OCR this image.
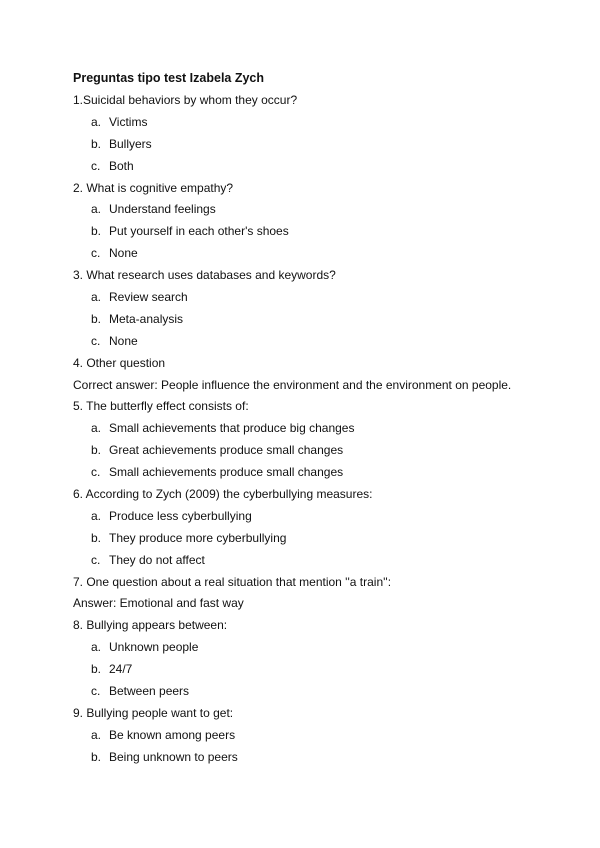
Preguntas tipo test Izabela Zych
1.Suicidal behaviors by whom they occur?
a. Victims
b. Bullyers
c. Both
2. What is cognitive empathy?
a. Understand feelings
b. Put yourself in each other's shoes
c. None
3. What research uses databases and keywords?
a. Review search
b. Meta-analysis
c. None
4. Other question
Correct answer: People influence the environment and the environment on people.
5. The butterfly effect consists of:
a. Small achievements that produce big changes
b. Great achievements produce small changes
c. Small achievements produce small changes
6. According to Zych (2009) the cyberbullying measures:
a. Produce less cyberbullying
b. They produce more cyberbullying
c. They do not affect
7. One question about a real situation that mention ''a train'':
Answer: Emotional and fast way
8. Bullying appears between:
a. Unknown people
b. 24/7
c. Between peers
9. Bullying people want to get:
a. Be known among peers
b. Being unknown to peers
